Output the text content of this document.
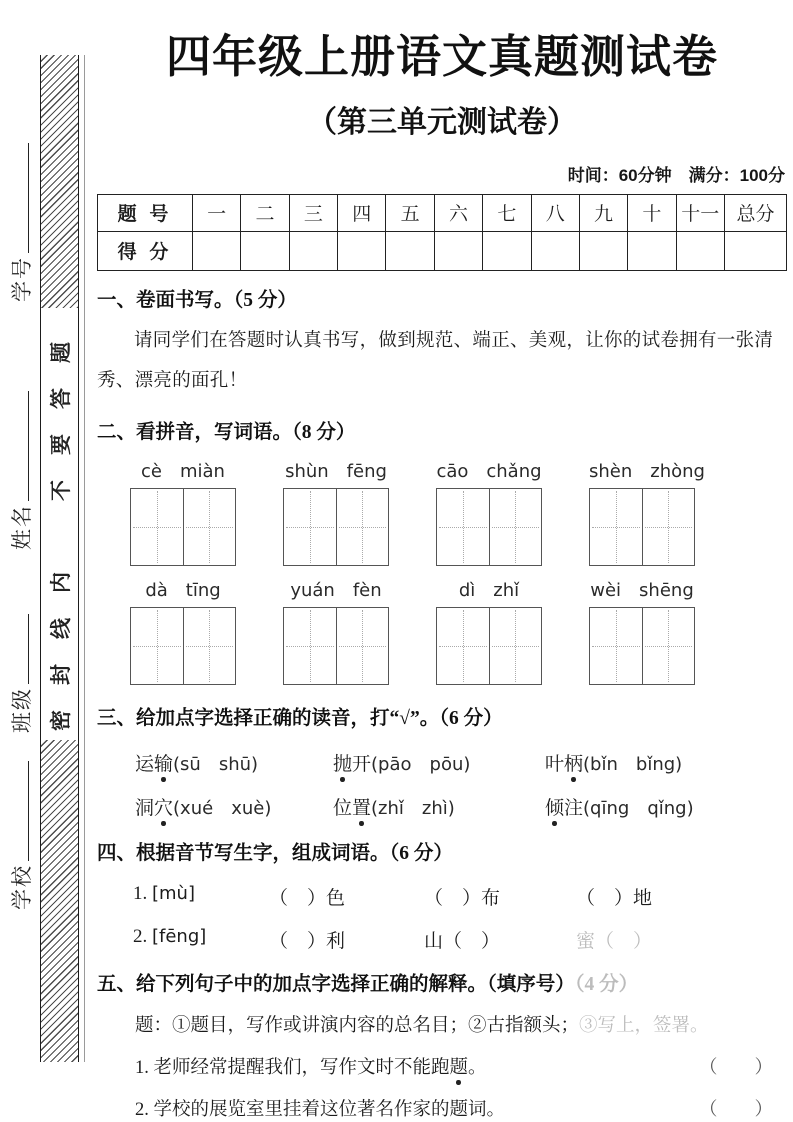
学号
姓名
班级
学校
密封线内　不要答题
四年级上册语文真题测试卷
（第三单元测试卷）
时间：60分钟　满分：100分
题 号	一	二	三	四	五	六	七	八	九	十	十一	总分
得 分												
一、卷面书写。（5 分）

请同学们在答题时认真书写，做到规范、端正、美观，让你的试卷拥有一张清秀、漂亮的面孔！

二、看拼音，写词语。（8 分）
cè　miàn	shùn　fēng	cāo　chǎng	shèn　zhòng
dà　tīng	yuán　fèn	dì　zhǐ	wèi　shēng
三、给加点字选择正确的读音，打“√”。（6 分）
运输(sū　shū)	抛开(pāo　pōu)	叶柄(bǐn　bǐng)
洞穴(xué　xuè)	位置(zhǐ　zhì)	倾注(qīng　qǐng)
四、根据音节写生字，组成词语。（6 分）
1. [mù]	（　）色	（　）布	（　）地
2. [fēng]	（　）利	山（　）	蜜（　）
五、给下列句子中的加点字选择正确的解释。（填序号）（4 分）

题：①题目，写作或讲演内容的总名目；②古指额头；③写上，签署。

1. 老师经常提醒我们，写作文时不能跑题。	（　　）
2. 学校的展览室里挂着这位著名作家的题词。	（　　）
